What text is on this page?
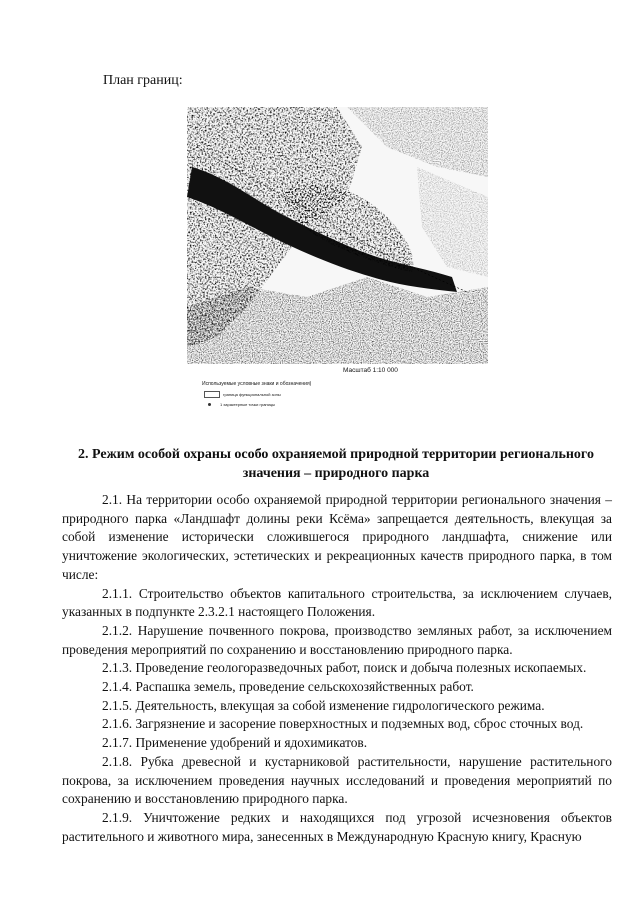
План границ:
Масштаб 1:10 000
Используемые условные знаки и обозначения)
граница функциональной зоны
1 характерные точки границы
2. Режим особой охраны особо охраняемой природной территории регионального значения – природного парка

2.1. На территории особо охраняемой природной территории регионального значения – природного парка «Ландшафт долины реки Ксёма» запрещается деятельность, влекущая за собой изменение исторически сложившегося природного ландшафта, снижение или уничтожение экологических, эстетических и рекреационных качеств природного парка, в том числе:

2.1.1. Строительство объектов капитального строительства, за исключением случаев, указанных в подпункте 2.3.2.1 настоящего Положения.

2.1.2. Нарушение почвенного покрова, производство земляных работ, за исключением проведения мероприятий по сохранению и восстановлению природного парка.

2.1.3. Проведение геологоразведочных работ, поиск и добыча полезных ископаемых.

2.1.4. Распашка земель, проведение сельскохозяйственных работ.

2.1.5. Деятельность, влекущая за собой изменение гидрологического режима.

2.1.6. Загрязнение и засорение поверхностных и подземных вод, сброс сточных вод.

2.1.7. Применение удобрений и ядохимикатов.

2.1.8. Рубка древесной и кустарниковой растительности, нарушение растительного покрова, за исключением проведения научных исследований и проведения мероприятий по сохранению и восстановлению природного парка.

2.1.9. Уничтожение редких и находящихся под угрозой исчезновения объектов растительного и животного мира, занесенных в Международную Красную книгу, Красную
